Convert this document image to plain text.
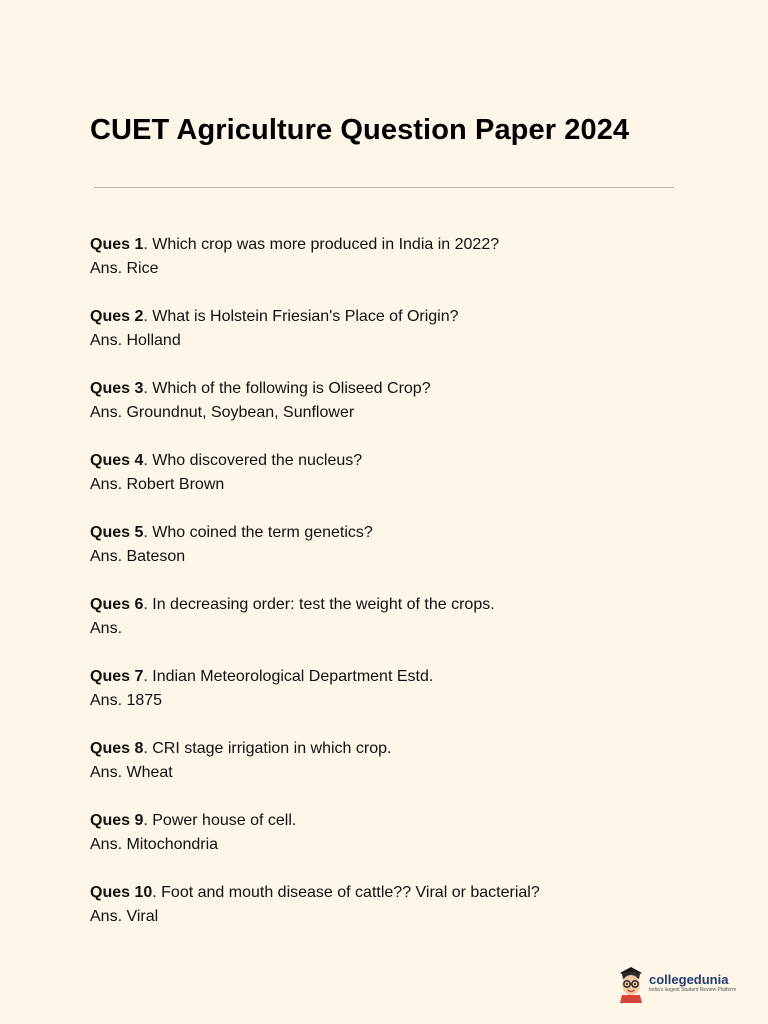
CUET Agriculture Question Paper 2024
Ques 1. Which crop was more produced in India in 2022?
Ans. Rice
Ques 2. What is Holstein Friesian's Place of Origin?
Ans. Holland
Ques 3. Which of the following is Oliseed Crop?
Ans. Groundnut, Soybean, Sunflower
Ques 4. Who discovered the nucleus?
Ans. Robert Brown
Ques 5. Who coined the term genetics?
Ans. Bateson
Ques 6. In decreasing order: test the weight of the crops.
Ans.
Ques 7. Indian Meteorological Department Estd.
Ans. 1875
Ques 8. CRI stage irrigation in which crop.
Ans. Wheat
Ques 9. Power house of cell.
Ans. Mitochondria
Ques 10. Foot and mouth disease of cattle?? Viral or bacterial?
Ans. Viral
collegedunia
India's largest Student Review Platform
